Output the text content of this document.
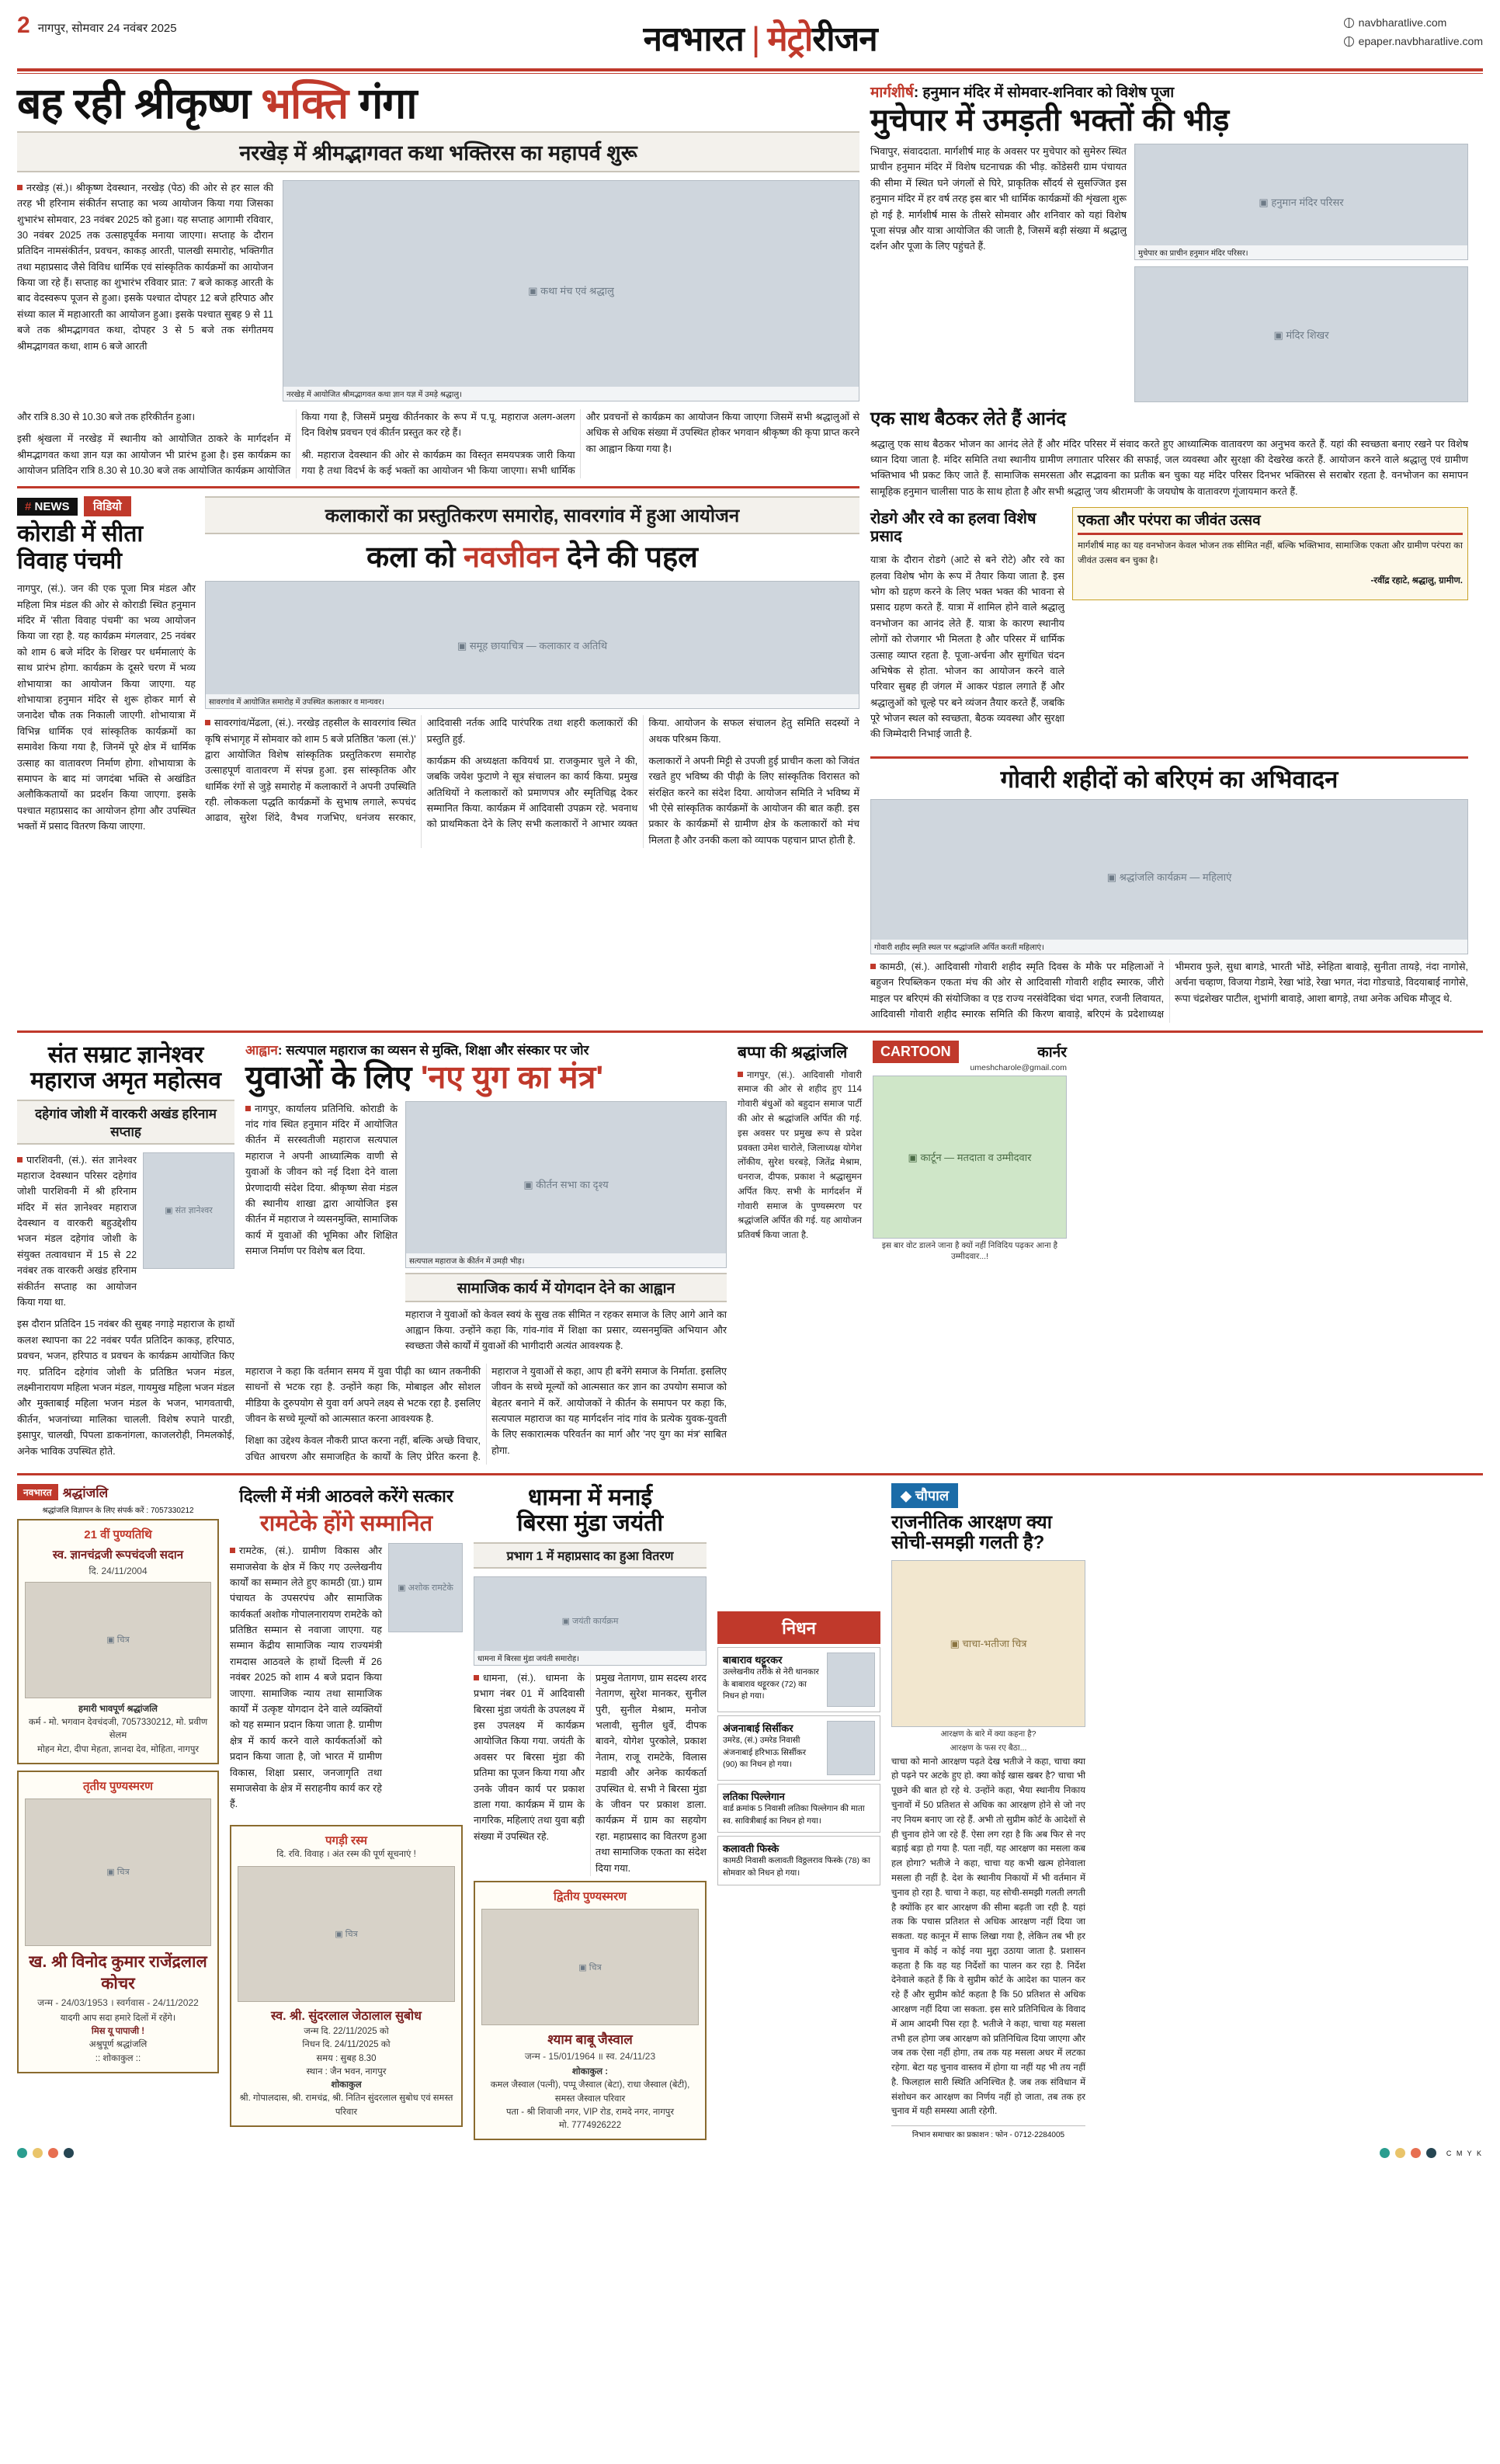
2 नागपुर, सोमवार 24 नवंबर 2025	नवभारत | मेट्रोरीजन	navbharatlive.com
epaper.navbharatlive.com
बह रही श्रीकृष्ण भक्ति गंगा
नरखेड़ में श्रीमद्भागवत कथा भक्तिरस का महापर्व शुरू

नरखेड़ (सं.)। श्रीकृष्ण देवस्थान, नरखेड़ (पेठ) की ओर से हर साल की तरह भी हरिनाम संकीर्तन सप्ताह का भव्य आयोजन किया गया जिसका शुभारंभ सोमवार, 23 नवंबर 2025 को हुआ। यह सप्ताह आगामी रविवार, 30 नवंबर 2025 तक उत्साहपूर्वक मनाया जाएगा। सप्ताह के दौरान प्रतिदिन नामसंकीर्तन, प्रवचन, काकड़ आरती, पालखी समारोह, भक्तिगीत तथा महाप्रसाद जैसे विविध धार्मिक एवं सांस्कृतिक कार्यक्रमों का आयोजन किया जा रहे हैं। सप्ताह का शुभारंभ रविवार प्रात: 7 बजे काकड़ आरती के बाद वेदस्वरूप पूजन से हुआ। इसके पश्चात दोपहर 12 बजे हरिपाठ और संध्या काल में महाआरती का आयोजन हुआ। इसके पश्चात सुबह 9 से 11 बजे तक श्रीमद्भागवत कथा, दोपहर 3 से 5 बजे तक संगीतमय श्रीमद्भागवत कथा, शाम 6 बजे आरती

▣ कथा मंच एवं श्रद्धालु
नरखेड़ में आयोजित श्रीमद्भागवत कथा ज्ञान यज्ञ में उमड़े श्रद्धालु।

और रात्रि 8.30 से 10.30 बजे तक हरिकीर्तन हुआ।

इसी श्रृंखला में नरखेड़ में स्थानीय को आयोजित ठाकरे के मार्गदर्शन में श्रीमद्भागवत कथा ज्ञान यज्ञ का आयोजन भी प्रारंभ हुआ है। इस कार्यक्रम का आयोजन प्रतिदिन रात्रि 8.30 से 10.30 बजे तक आयोजित कार्यक्रम आयोजित किया गया है, जिसमें प्रमुख कीर्तनकार के रूप में प.पू. महाराज अलग-अलग दिन विशेष प्रवचन एवं कीर्तन प्रस्तुत कर रहे हैं।

श्री. महाराज देवस्थान की ओर से कार्यक्रम का विस्तृत समयपत्रक जारी किया गया है तथा विदर्भ के कई भक्तों का आयोजन भी किया जाएगा। सभी धार्मिक और प्रवचनों से कार्यक्रम का आयोजन किया जाएगा जिसमें सभी श्रद्धालुओं से अधिक से अधिक संख्या में उपस्थित होकर भगवान श्रीकृष्ण की कृपा प्राप्त करने का आह्वान किया गया है।

# NEWS विडियो
कोराडी में सीता विवाह पंचमी

नागपुर, (सं.). जन की एक पूजा मित्र मंडल और महिला मित्र मंडल की ओर से कोराडी स्थित हनुमान मंदिर में 'सीता विवाह पंचमी' का भव्य आयोजन किया जा रहा है. यह कार्यक्रम मंगलवार, 25 नवंबर को शाम 6 बजे मंदिर के शिखर पर धर्ममालाएं के साथ प्रारंभ होगा. कार्यक्रम के दूसरे चरण में भव्य शोभायात्रा का आयोजन किया जाएगा. यह शोभायात्रा हनुमान मंदिर से शुरू होकर मार्ग से जनादेश चौक तक निकाली जाएगी. शोभायात्रा में विभिन्न धार्मिक एवं सांस्कृतिक कार्यक्रमों का समावेश किया गया है, जिनमें पूरे क्षेत्र में धार्मिक उत्साह का वातावरण निर्माण होगा. शोभायात्रा के समापन के बाद मां जगदंबा भक्ति से अखंडित अलौकिकतायों का प्रदर्शन किया जाएगा. इसके पश्चात महाप्रसाद का आयोजन होगा और उपस्थित भक्तों में प्रसाद वितरण किया जाएगा.

कलाकारों का प्रस्तुतिकरण समारोह, सावरगांव में हुआ आयोजन
कला को नवजीवन देने की पहल
▣ समूह छायाचित्र — कलाकार व अतिथि
सावरगांव में आयोजित समारोह में उपस्थित कलाकार व मान्यवर।

सावरगांव/मेंढला, (सं.). नरखेड़ तहसील के सावरगांव स्थित कृषि संभागृह में सोमवार को शाम 5 बजे प्रतिष्ठित 'कला (सं.)' द्वारा आयोजित विशेष सांस्कृतिक प्रस्तुतिकरण समारोह उत्साहपूर्ण वातावरण में संपन्न हुआ. इस सांस्कृतिक और धार्मिक रंगों से जुड़े समारोह में कलाकारों ने अपनी उपस्थिति रही. लोककला पद्धति कार्यक्रमों के सुभाष लगाले, रूपचंद आढाव, सुरेश शिंदे, वैभव गजभिए, धनंजय सरकार, आदिवासी नर्तक आदि पारंपरिक तथा शहरी कलाकारों की प्रस्तुति हुई.

कार्यक्रम की अध्यक्षता कवियर्थ प्रा. राजकुमार चुले ने की, जबकि जयेश फुटाणे ने सूत्र संचालन का कार्य किया. प्रमुख अतिथियों ने कलाकारों को प्रमाणपत्र और स्मृतिचिह्न देकर सम्मानित किया. कार्यक्रम में आदिवासी उपक्रम रहे. भवनाथ को प्राथमिकता देने के लिए सभी कलाकारों ने आभार व्यक्त किया. आयोजन के सफल संचालन हेतु समिति सदस्यों ने अथक परिश्रम किया.

कलाकारों ने अपनी मिट्टी से उपजी हुई प्राचीन कला को जिवंत रखते हुए भविष्य की पीढ़ी के लिए सांस्कृतिक विरासत को संरक्षित करने का संदेश दिया. आयोजन समिति ने भविष्य में भी ऐसे सांस्कृतिक कार्यक्रमों के आयोजन की बात कही. इस प्रकार के कार्यक्रमों से ग्रामीण क्षेत्र के कलाकारों को मंच मिलता है और उनकी कला को व्यापक पहचान प्राप्त होती है.

मार्गशीर्ष: हनुमान मंदिर में सोमवार-शनिवार को विशेष पूजा
मुचेपार में उमड़ती भक्तों की भीड़

भिवापुर, संवाददाता. मार्गशीर्ष माह के अवसर पर मुचेपार को सुमेरुर स्थित प्राचीन हनुमान मंदिर में विशेष घटनाचक्र की भीड़. कोंडेसरी ग्राम पंचायत की सीमा में स्थित घने जंगलों से घिरे, प्राकृतिक सौंदर्य से सुसज्जित इस हनुमान मंदिर में हर वर्ष तरह इस बार भी धार्मिक कार्यक्रमों की शृंखला शुरू हो गई है. मार्गशीर्ष मास के तीसरे सोमवार और शनिवार को यहां विशेष पूजा संपन्न और यात्रा आयोजित की जाती है, जिसमें बड़ी संख्या में श्रद्धालु दर्शन और पूजा के लिए पहुंचते हैं.

▣ हनुमान मंदिर परिसर
मुचेपार का प्राचीन हनुमान मंदिर परिसर।
▣ मंदिर शिखर
एक साथ बैठकर लेते हैं आनंद

श्रद्धालु एक साथ बैठकर भोजन का आनंद लेते हैं और मंदिर परिसर में संवाद करते हुए आध्यात्मिक वातावरण का अनुभव करते हैं. यहां की स्वच्छता बनाए रखने पर विशेष ध्यान दिया जाता है. मंदिर समिति तथा स्थानीय ग्रामीण लगातार परिसर की सफाई, जल व्यवस्था और सुरक्षा की देखरेख करते हैं. आयोजन करने वाले श्रद्धालु एवं ग्रामीण भक्तिभाव भी प्रकट किए जाते हैं. सामाजिक समरसता और सद्भावना का प्रतीक बन चुका यह मंदिर परिसर दिनभर भक्तिरस से सराबोर रहता है. वनभोजन का समापन सामूहिक हनुमान चालीसा पाठ के साथ होता है और सभी श्रद्धालु 'जय श्रीरामजी' के जयघोष के वातावरण गूंजायमान करते हैं.

रोडगे और रवे का हलवा विशेष प्रसाद

यात्रा के दौरान रोडगे (आटे से बने रोटे) और रवे का हलवा विशेष भोग के रूप में तैयार किया जाता है. इस भोग को ग्रहण करने के लिए भक्त भक्त की भावना से प्रसाद ग्रहण करते हैं. यात्रा में शामिल होने वाले श्रद्धालु वनभोजन का आनंद लेते हैं. यात्रा के कारण स्थानीय लोगों को रोजगार भी मिलता है और परिसर में धार्मिक उत्साह व्याप्त रहता है. पूजा-अर्चना और सुगंधित चंदन अभिषेक से होता. भोजन का आयोजन करने वाले परिवार सुबह ही जंगल में आकर पंडाल लगाते हैं और श्रद्धालुओं को चूल्हे पर बने व्यंजन तैयार करते हैं, जबकि पूरे भोजन स्थल को स्वच्छता, बैठक व्यवस्था और सुरक्षा की जिम्मेदारी निभाई जाती है.

एकता और परंपरा का जीवंत उत्सव

मार्गशीर्ष माह का यह वनभोजन केवल भोजन तक सीमित नहीं, बल्कि भक्तिभाव, सामाजिक एकता और ग्रामीण परंपरा का जीवंत उत्सव बन चुका है।

-रवींद्र रहाटे, श्रद्धालु, ग्रामीण.

गोवारी शहीदों को बरिएमं का अभिवादन
▣ श्रद्धांजलि कार्यक्रम — महिलाएं
गोवारी शहीद स्मृति स्थल पर श्रद्धांजलि अर्पित करतीं महिलाएं।

कामठी, (सं.). आदिवासी गोवारी शहीद स्मृति दिवस के मौके पर महिलाओं ने बहुजन रिपब्लिकन एकता मंच की ओर से आदिवासी गोवारी शहीद स्मारक, जीरो माइल पर बरिएमं की संयोजिका व एड राज्य नरसंवेदिका चंदा भगत, रजनी लिवायत, आदिवासी गोवारी शहीद स्मारक समिति की किरण बावाड़े, बरिएमं के प्रदेशाध्यक्ष भीमराव फुले, सुधा बागडे, भारती भोंडे, स्नेहिता बावाड़े, सुनीता तायड़े, नंदा नागोसे, अर्चना चव्हाण, विजया गेडामे, रेखा भांडे, रेखा भगत, नंदा गोडचाडे, विदयाबाई नागोसे, रूपा चंद्रशेखर पाटील, शुभांगी बावाड़े, आशा बागड़े, तथा अनेक अधिक मौजूद थे.

संत सम्राट ज्ञानेश्वर
महाराज अमृत महोत्सव
दहेगांव जोशी में वारकरी अखंड हरिनाम सप्ताह

पारशिवनी, (सं.). संत ज्ञानेश्वर महाराज देवस्थान परिसर दहेगांव जोशी पारशिवनी में श्री हरिनाम मंदिर में संत ज्ञानेश्वर महाराज देवस्थान व वारकरी बहुउद्देशीय भजन मंडल दहेगांव जोशी के संयुक्त तत्वावधान में 15 से 22 नवंबर तक वारकरी अखंड हरिनाम संकीर्तन सप्ताह का आयोजन किया गया था.

▣ संत ज्ञानेश्वर

इस दौरान प्रतिदिन 15 नवंबर की सुबह नगाड़े महाराज के हाथों कलश स्थापना का 22 नवंबर पर्यंत प्रतिदिन काकड़, हरिपाठ, प्रवचन, भजन, हरिपाठ व प्रवचन के कार्यक्रम आयोजित किए गए. प्रतिदिन दहेगांव जोशी के प्रतिष्ठित भजन मंडल, लक्ष्मीनारायण महिला भजन मंडल, गायमुख महिला भजन मंडल और मुक्ताबाई महिला भजन मंडल के भजन, भागवताची, कीर्तन, भजनांच्या मालिका चालली. विशेष रुपाने पारडी, इसापुर, चालखी, पिपला डाकनांगला, काजलरोही, निमलकोई, अनेक भाविक उपस्थित होते.

आह्वान: सत्यपाल महाराज का व्यसन से मुक्ति, शिक्षा और संस्कार पर जोर
युवाओं के लिए 'नए युग का मंत्र'

नागपुर, कार्यालय प्रतिनिधि. कोराडी के नांद गांव स्थित हनुमान मंदिर में आयोजित कीर्तन में सरस्वतीजी महाराज सत्यपाल महाराज ने अपनी आध्यात्मिक वाणी से युवाओं के जीवन को नई दिशा देने वाला प्रेरणादायी संदेश दिया. श्रीकृष्ण सेवा मंडल की स्थानीय शाखा द्वारा आयोजित इस कीर्तन में महाराज ने व्यसनमुक्ति, सामाजिक कार्य में युवाओं की भूमिका और शिक्षित समाज निर्माण पर विशेष बल दिया.

▣ कीर्तन सभा का दृश्य
सत्यपाल महाराज के कीर्तन में उमड़ी भीड़।
सामाजिक कार्य में योगदान देने का आह्वान

महाराज ने युवाओं को केवल स्वयं के सुख तक सीमित न रहकर समाज के लिए आगे आने का आह्वान किया. उन्होंने कहा कि, गांव-गांव में शिक्षा का प्रसार, व्यसनमुक्ति अभियान और स्वच्छता जैसे कार्यों में युवाओं की भागीदारी अत्यंत आवश्यक है.

महाराज ने कहा कि वर्तमान समय में युवा पीढ़ी का ध्यान तकनीकी साधनों से भटक रहा है. उन्होंने कहा कि, मोबाइल और सोशल मीडिया के दुरुपयोग से युवा वर्ग अपने लक्ष्य से भटक रहा है. इसलिए जीवन के सच्चे मूल्यों को आत्मसात करना आवश्यक है.

शिक्षा का उद्देश्य केवल नौकरी प्राप्त करना नहीं, बल्कि अच्छे विचार, उचित आचरण और समाजहित के कार्यों के लिए प्रेरित करना है. महाराज ने युवाओं से कहा, आप ही बनेंगे समाज के निर्माता. इसलिए जीवन के सच्चे मूल्यों को आत्मसात कर ज्ञान का उपयोग समाज को बेहतर बनाने में करें. आयोजकों ने कीर्तन के समापन पर कहा कि, सत्यपाल महाराज का यह मार्गदर्शन नांद गांव के प्रत्येक युवक-युवती के लिए सकारात्मक परिवर्तन का मार्ग और 'नए युग का मंत्र' साबित होगा.

बप्पा की श्रद्धांजलि

नागपुर, (सं.). आदिवासी गोवारी समाज की ओर से शहीद हुए 114 गोवारी बंधुओं को बहुदान समाज पार्टी की ओर से श्रद्धांजलि अर्पित की गई. इस अवसर पर प्रमुख रूप से प्रदेश प्रवक्ता उमेश चारोले, जिलाध्यक्ष योगेश लोंकीय, सुरेश घरबड़े, जितेंद्र मेश्राम, धनराज, दीपक, प्रकाश ने श्रद्धासुमन अर्पित किए. सभी के मार्गदर्शन में गोवारी समाज के पुण्यस्मरण पर श्रद्धांजलि अर्पित की गई. यह आयोजन प्रतिवर्ष किया जाता है.

CARTOON	कार्नर
umeshcharole@gmail.com
▣ कार्टून — मतदाता व उम्मीदवार
इस बार वोट डालने जाना है क्यों नहीं निविदिय पढ़कर आना है उम्मीदवार...!
नवभारत श्रद्धांजलि
श्रद्धांजलि विज्ञापन के लिए संपर्क करें : 7057330212
21 वीं पुण्यतिथि
स्व. ज्ञानचंद्रजी रूपचंदजी सदान
दि. 24/11/2004
▣ चित्र
हमारी भावपूर्ण श्रद्धांजलि
कर्म - मो. भगवान देवचंदजी, 7057330212, मो. प्रवीण सेलम
मोहन मेटा, दीपा मेहता, ज्ञानदा देव, मोहिता, नागपुर
तृतीय पुण्यस्मरण
▣ चित्र
ख. श्री विनोद कुमार राजेंद्रलाल कोचर
जन्म - 24/03/1953 । स्वर्गवास - 24/11/2022
यादगी आप सदा हमारे दिलों में रहेंगे।
मिस यू पापाजी !
अश्रुपूर्ण श्रद्धांजलि
:: शोकाकुल ::
दिल्ली में मंत्री आठवले करेंगे सत्कार
रामटेके होंगे सम्मानित

रामटेक, (सं.). ग्रामीण विकास और समाजसेवा के क्षेत्र में किए गए उल्लेखनीय कार्यों का सम्मान लेते हुए कामठी (ग्रा.) ग्राम पंचायत के उपसरपंच और सामाजिक कार्यकर्ता अशोक गोपालनारायण रामटेके को प्रतिष्ठित सम्मान से नवाजा जाएगा. यह सम्मान केंद्रीय सामाजिक न्याय राज्यमंत्री रामदास आठवले के हाथों दिल्ली में 26 नवंबर 2025 को शाम 4 बजे प्रदान किया जाएगा. सामाजिक न्याय तथा सामाजिक कार्यों में उत्कृष्ट योगदान देने वाले व्यक्तियों को यह सम्मान प्रदान किया जाता है. ग्रामीण क्षेत्र में कार्य करने वाले कार्यकर्ताओं को प्रदान किया जाता है, जो भारत में ग्रामीण विकास, शिक्षा प्रसार, जनजागृति तथा समाजसेवा के क्षेत्र में सराहनीय कार्य कर रहे हैं.

▣ अशोक रामटेके
पगड़ी रस्म
दि. रवि. विवाह । अंत रस्म की पूर्ण सूचनाएं !
▣ चित्र
स्व. श्री. सुंदरलाल जेठालाल सुबोध
जन्म दि. 22/11/2025 को
निधन दि. 24/11/2025 को
समय : सुबह 8.30
स्थान : जैन भवन, नागपुर
शोकाकुल
श्री. गोपालदास, श्री. रामचंद्र, श्री. नितिन सुंदरलाल सुबोध एवं समस्त परिवार
धामना में मनाई
बिरसा मुंडा जयंती
प्रभाग 1 में महाप्रसाद का हुआ वितरण
▣ जयंती कार्यक्रम
धामना में बिरसा मुंडा जयंती समारोह।

धामना, (सं.). धामना के प्रभाग नंबर 01 में आदिवासी बिरसा मुंडा जयंती के उपलक्ष्य में इस उपलक्ष्य में कार्यक्रम आयोजित किया गया. जयंती के अवसर पर बिरसा मुंडा की प्रतिमा का पूजन किया गया और उनके जीवन कार्य पर प्रकाश डाला गया. कार्यक्रम में ग्राम के नागरिक, महिलाएं तथा युवा बड़ी संख्या में उपस्थित रहे.

प्रमुख नेतागण, ग्राम सदस्य शरद नेतागण, सुरेश मानकर, सुनील पुरी, सुनील मेश्राम, मनोज भलावी, सुनील धुर्वे, दीपक बावने, योगेश पुरकोले, प्रकाश नेताम, राजू रामटेके, विलास मडावी और अनेक कार्यकर्ता उपस्थित थे. सभी ने बिरसा मुंडा के जीवन पर प्रकाश डाला. कार्यक्रम में ग्राम का सहयोग रहा. महाप्रसाद का वितरण हुआ तथा सामाजिक एकता का संदेश दिया गया.

द्वितीय पुण्यस्मरण
▣ चित्र
श्याम बाबू जैस्वाल
जन्म - 15/01/1964 ॥ स्व. 24/11/23
शोकाकुल :
कमल जैस्वाल (पत्नी), पप्पू जैस्वाल (बेटा), राधा जैस्वाल (बेटी), समस्त जैस्वाल परिवार
पता - श्री शिवाजी नगर, VIP रोड, रामदे नगर, नागपुर
मो. 7774926222
निधन
बाबाराव थट्टूरकर
उल्लेखनीय तरीके से नेरी थानकार के बाबाराव थट्टूरकर (72) का निधन हो गया।
अंजनाबाई सिर्सीकर
उमरेड, (सं.) उमरेड निवासी अंजनाबाई हरिभाऊ सिर्सीकर (90) का निधन हो गया।
लतिका पिल्लेगान
वार्ड क्रमांक 5 निवासी लतिका पिल्लेगान की माता स्व. सावित्रीबाई का निधन हो गया।
कलावती फिस्के
कामठी निवासी कलावती विठ्ठलराव फिस्के (78) का सोमवार को निधन हो गया।
◆ चौपाल
राजनीतिक आरक्षण क्या
सोची-समझी गलती है?
▣ चाचा-भतीजा चित्र
आरक्षण के बारे में क्या कहना है?
आरक्षण के फस रए बैठा...

चाचा को मानो आरक्षण पढ़ते देख भतीजे ने कहा, चाचा क्या हो पढ़ने पर अटके हुए हो. क्या कोई खास खबर है? चाचा भी पूछने की बात हो रहे थे. उन्होंने कहा, भैया स्थानीय निकाय चुनावों में 50 प्रतिशत से अधिक का आरक्षण होने से जो नए नए नियम बनाए जा रहे हैं. अभी तो सुप्रीम कोर्ट के आदेशों से ही चुनाव होने जा रहे हैं. ऐसा लग रहा है कि अब फिर से नए बड़ाई बड़ा हो गया है. पता नहीं, यह आरक्षण का मसला कब हल होगा? भतीजे ने कहा, चाचा यह कभी खत्म होनेवाला मसला ही नहीं है. देश के स्थानीय निकायों में भी वर्तमान में चुनाव हो रहा है. चाचा ने कहा, यह सोची-समझी गलती लगती है क्योंकि हर बार आरक्षण की सीमा बढ़ती जा रही है. यहां तक कि पचास प्रतिशत से अधिक आरक्षण नहीं दिया जा सकता. यह कानून में साफ लिखा गया है, लेकिन तब भी हर चुनाव में कोई न कोई नया मुद्दा उठाया जाता है. प्रशासन कहता है कि वह यह निर्देशों का पालन कर रहा है. निर्देश देनेवाले कहते हैं कि वे सुप्रीम कोर्ट के आदेश का पालन कर रहे हैं और सुप्रीम कोर्ट कहता है कि 50 प्रतिशत से अधिक आरक्षण नहीं दिया जा सकता. इस सारे प्रतिनिधित्व के विवाद में आम आदमी पिस रहा है. भतीजे ने कहा, चाचा यह मसला तभी हल होगा जब आरक्षण को प्रतिनिधित्व दिया जाएगा और जब तक ऐसा नहीं होगा, तब तक यह मसला अधर में लटका रहेगा. बेटा यह चुनाव वास्तव में होगा या नहीं यह भी तय नहीं है. फिलहाल सारी स्थिति अनिश्चित है. जब तक संविधान में संशोधन कर आरक्षण का निर्णय नहीं हो जाता, तब तक हर चुनाव में यही समस्या आती रहेगी.

निभान समाचार का प्रकाशन : फोन - 0712-2284005
C M Y K
